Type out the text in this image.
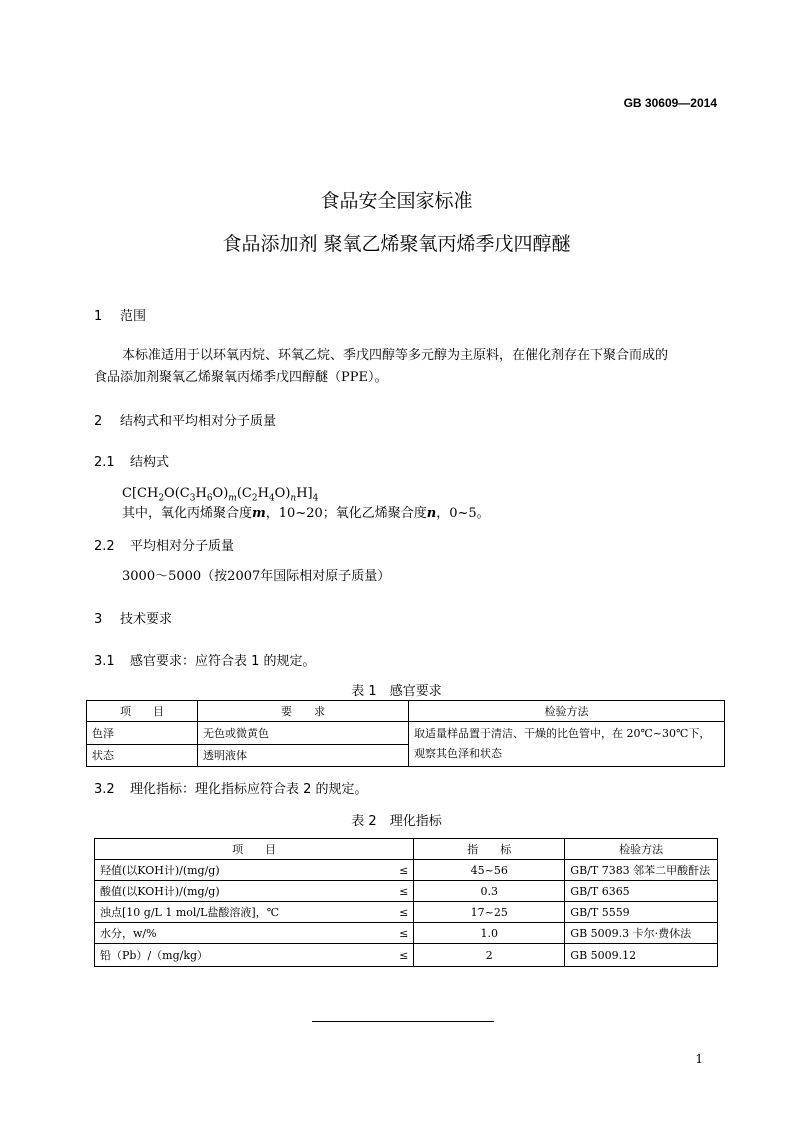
GB 30609—2014
食品安全国家标准
食品添加剂 聚氧乙烯聚氧丙烯季戊四醇醚
1 范围
本标准适用于以环氧丙烷、环氧乙烷、季戊四醇等多元醇为主原料，在催化剂存在下聚合而成的
食品添加剂聚氧乙烯聚氧丙烯季戊四醇醚（PPE）。
2 结构式和平均相对分子质量
2.1 结构式
$C[CH_2O(C_3H_6O)_m(C_2H_4O)_nH]_4$
其中，氧化丙烯聚合度m，10~20；氧化乙烯聚合度n，0~5。
2.2 平均相对分子质量
3000～5000（按2007年国际相对原子质量）
3 技术要求
3.1 感官要求：应符合表 1 的规定。
表 1　感官要求
项　　目	要　　求	检验方法
色泽	无色或微黄色	取适量样品置于清洁、干燥的比色管中，在 20℃~30℃下，
观察其色泽和状态

状态	透明液体	
3.2 理化指标：理化指标应符合表 2 的规定。
表 2　理化指标
项　　目		指　　标	检验方法
羟值(以KOH计)/(mg/g)	≤	45~56	GB/T 7383 邻苯二甲酸酐法
酸值(以KOH计)/(mg/g)	≤	0.3	GB/T 6365
浊点[10 g/L 1 mol/L盐酸溶液]，℃	≤	17~25	GB/T 5559
水分，w/%	≤	1.0	GB 5009.3 卡尔·费休法
铅（Pb）/（mg/kg）	≤	2	GB 5009.12
1
